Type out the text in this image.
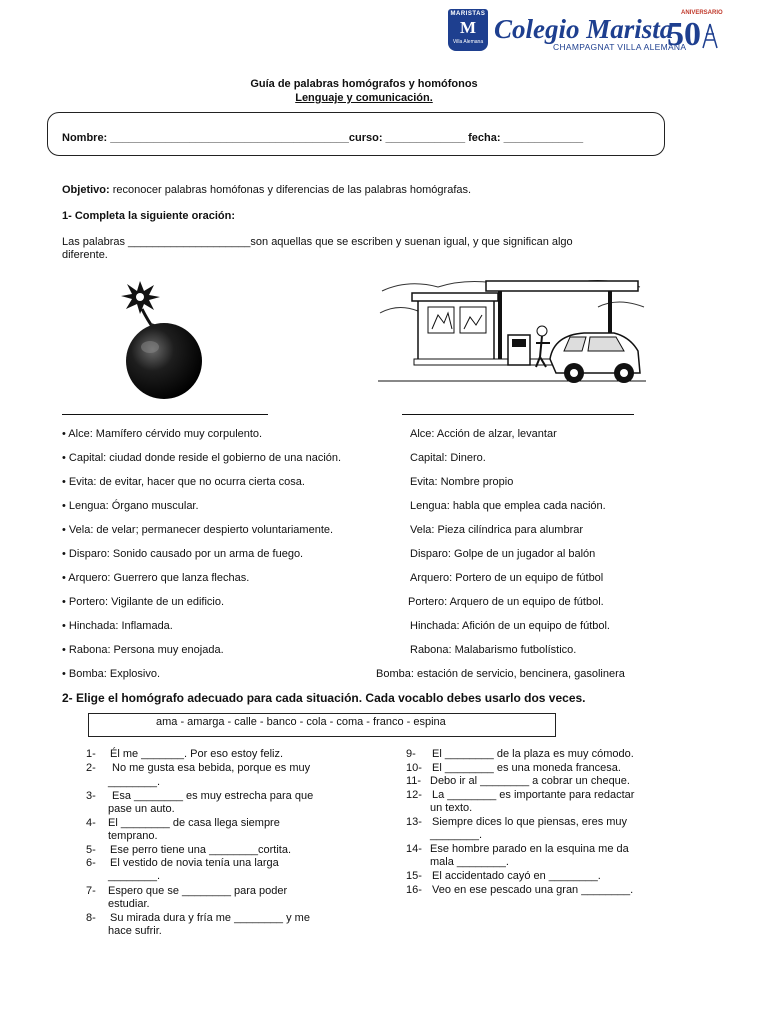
MARISTAS
M
Villa Alemana Colegio Marista
CHAMPAGNAT VILLA ALEMANA
ANIVERSARIO
50
Guía de palabras homógrafos y homófonos
Lenguaje y comunicación.
Nombre: _______________________________________curso: _____________ fecha: _____________
Objetivo: reconocer palabras homófonas y diferencias de las palabras homógrafas.
1- Completa la siguiente oración:
Las palabras ____________________son aquellas que se escriben y suenan igual, y que significan algo
diferente.
• Alce: Mamífero cérvido muy corpulento.	Alce: Acción de alzar, levantar
• Capital: ciudad donde reside el gobierno de una nación.	Capital: Dinero.
• Evita: de evitar, hacer que no ocurra cierta cosa.	Evita: Nombre propio
• Lengua: Órgano muscular.	Lengua: habla que emplea cada nación.
• Vela: de velar; permanecer despierto voluntariamente.	Vela: Pieza cilíndrica para alumbrar
• Disparo: Sonido causado por un arma de fuego.	Disparo: Golpe de un jugador al balón
• Arquero: Guerrero que lanza flechas.	Arquero: Portero de un equipo de fútbol
• Portero: Vigilante de un edificio.	Portero: Arquero de un equipo de fútbol.
• Hinchada: Inflamada.	Hinchada: Afición de un equipo de fútbol.
• Rabona: Persona muy enojada.	Rabona: Malabarismo futbolístico.
• Bomba: Explosivo.	Bomba: estación de servicio, bencinera, gasolinera
2- Elige el homógrafo adecuado para cada situación. Cada vocablo debes usarlo dos veces.
ama - amarga - calle - banco - cola - coma - franco - espina
1- Él me _______. Por eso estoy feliz.
2- No me gusta esa bebida, porque es muy
________.
3- Esa ________ es muy estrecha para que
pase un auto.
4- El ________ de casa llega siempre
temprano.
5- Ese perro tiene una ________cortita.
6- El vestido de novia tenía una larga
________.
7- Espero que se ________ para poder
estudiar.
8- Su mirada dura y fría me ________ y me
hace sufrir.
9- El ________ de la plaza es muy cómodo.
10- El ________ es una moneda francesa.
11- Debo ir al ________ a cobrar un cheque.
12- La ________ es importante para redactar
un texto.
13- Siempre dices lo que piensas, eres muy
________.
14- Ese hombre parado en la esquina me da
mala ________.
15- El accidentado cayó en ________.
16- Veo en ese pescado una gran ________.
